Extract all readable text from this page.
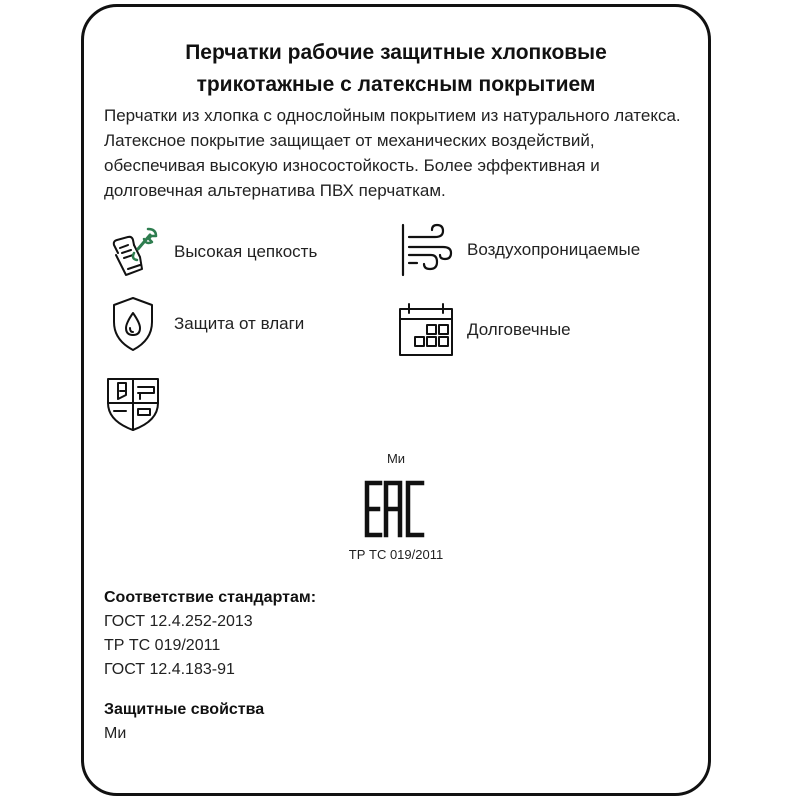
Перчатки рабочие защитные хлопковые
трикотажные с латексным покрытием

Перчатки из хлопка с однослойным покрытием из натурального латекса. Латексное покрытие защищает от механических воздействий, обеспечивая высокую износостойкость. Более эффективная и долговечная альтернатива ПВХ перчаткам.

Высокая цепкость	Воздухопроницаемые
Защита от влаги	Долговечные
Ми
ТР ТС 019/2011
Соответствие стандартам:
ГОСТ 12.4.252-2013
ТР ТС 019/2011
ГОСТ 12.4.183-91
Защитные свойства
Ми
